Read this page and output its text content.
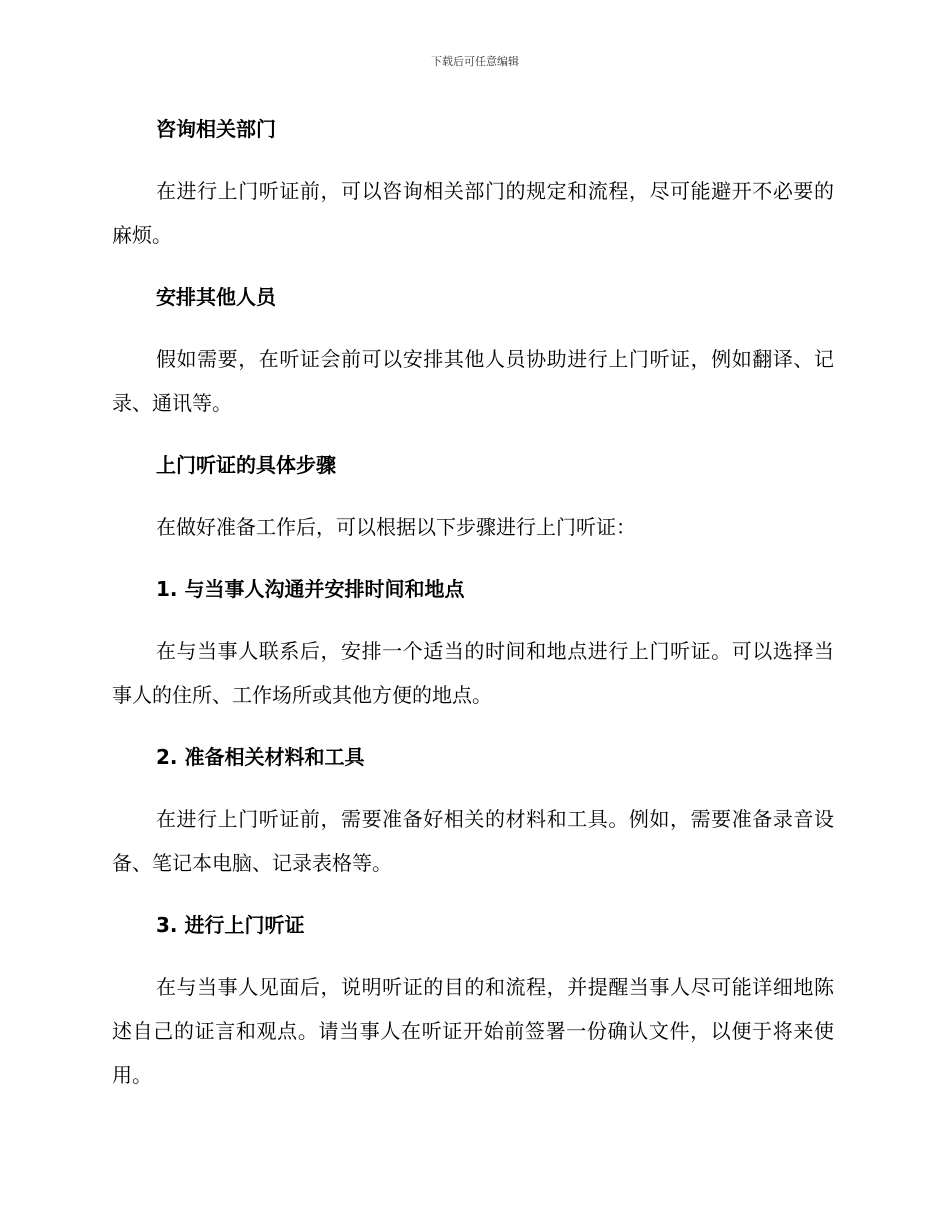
下载后可任意编辑
咨询相关部门

在进行上门听证前，可以咨询相关部门的规定和流程，尽可能避开不必要的麻烦。

安排其他人员

假如需要，在听证会前可以安排其他人员协助进行上门听证，例如翻译、记录、通讯等。

上门听证的具体步骤

在做好准备工作后，可以根据以下步骤进行上门听证：

1. 与当事人沟通并安排时间和地点

在与当事人联系后，安排一个适当的时间和地点进行上门听证。可以选择当事人的住所、工作场所或其他方便的地点。

2. 准备相关材料和工具

在进行上门听证前，需要准备好相关的材料和工具。例如，需要准备录音设备、笔记本电脑、记录表格等。

3. 进行上门听证

在与当事人见面后，说明听证的目的和流程，并提醒当事人尽可能详细地陈述自己的证言和观点。请当事人在听证开始前签署一份确认文件，以便于将来使用。
